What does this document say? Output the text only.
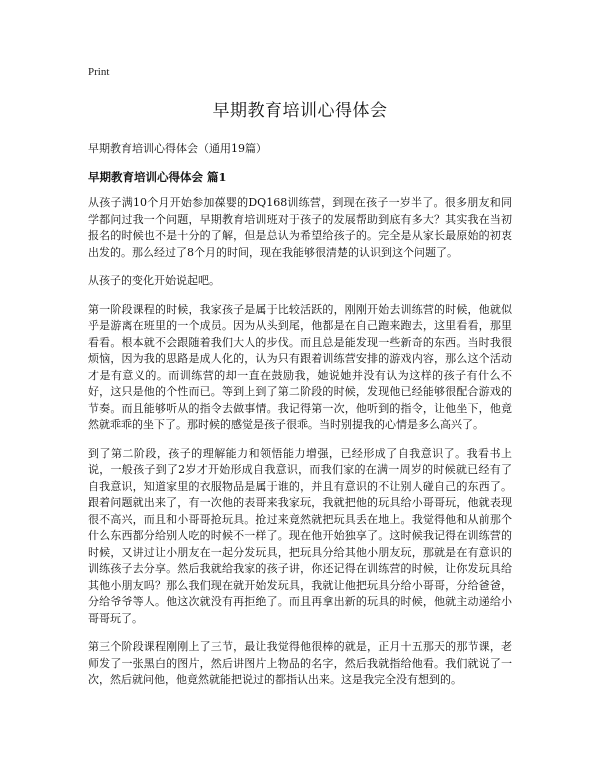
Print
早期教育培训心得体会

早期教育培训心得体会（通用19篇）

早期教育培训心得体会 篇1

从孩子满10个月开始参加葆婴的DQ168训练营，到现在孩子一岁半了。很多朋友和同学都问过我一个问题，早期教育培训班对于孩子的发展帮助到底有多大？其实我在当初报名的时候也不是十分的了解，但是总认为希望给孩子的。完全是从家长最原始的初衷出发的。那么经过了8个月的时间，现在我能够很清楚的认识到这个问题了。

从孩子的变化开始说起吧。

第一阶段课程的时候，我家孩子是属于比较活跃的，刚刚开始去训练营的时候，他就似乎是游离在班里的一个成员。因为从头到尾，他都是在自己跑来跑去，这里看看，那里看看。根本就不会跟随着我们大人的步伐。而且总是能发现一些新奇的东西。当时我很烦恼，因为我的思路是成人化的，认为只有跟着训练营安排的游戏内容，那么这个活动才是有意义的。而训练营的却一直在鼓励我，她说她并没有认为这样的孩子有什么不好，这只是他的个性而已。等到上到了第二阶段的时候，发现他已经能够很配合游戏的节奏。而且能够听从的指令去做事情。我记得第一次，他听到的指令，让他坐下，他竟然就乖乖的坐下了。那时候的感觉是孩子很乖。当时别提我的心情是多么高兴了。

到了第二阶段，孩子的理解能力和领悟能力增强，已经形成了自我意识了。我看书上说，一般孩子到了2岁才开始形成自我意识，而我们家的在满一周岁的时候就已经有了自我意识，知道家里的衣服物品是属于谁的，并且有意识的不让别人碰自己的东西了。跟着问题就出来了，有一次他的表哥来我家玩，我就把他的玩具给小哥哥玩，他就表现很不高兴，而且和小哥哥抢玩具。抢过来竟然就把玩具丢在地上。我觉得他和从前那个什么东西都分给别人吃的时候不一样了。现在他开始独享了。这时候我记得在训练营的时候，又讲过让小朋友在一起分发玩具，把玩具分给其他小朋友玩，那就是在有意识的训练孩子去分享。然后我就给我家的孩子讲，你还记得在训练营的时候，让你发玩具给其他小朋友吗？那么我们现在就开始发玩具，我就让他把玩具分给小哥哥，分给爸爸，分给爷爷等人。他这次就没有再拒绝了。而且再拿出新的玩具的时候，他就主动递给小哥哥玩了。

第三个阶段课程刚刚上了三节，最让我觉得他很棒的就是，正月十五那天的那节课，老师发了一张黑白的图片，然后讲图片上物品的名字，然后我就指给他看。我们就说了一次，然后就问他，他竟然就能把说过的都指认出来。这是我完全没有想到的。
